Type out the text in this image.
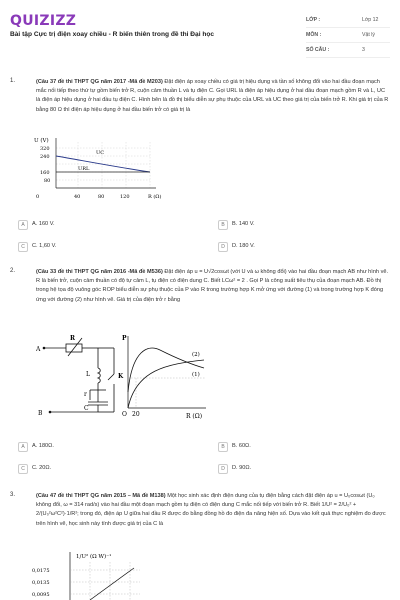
QUIZIZZ
Bài tập Cực trị điện xoay chiều - R biến thiên trong đề thi Đại học
LỚP :	Lớp 12
MÔN :	Vật lý
SỐ CÂU :	3
1.	(Câu 37 đề thi THPT QG năm 2017 -Mã đề M203) Đặt điện áp xoay chiều có giá trị hiệu dụng và tần số không đổi vào hai đầu đoạn mạch mắc nối tiếp theo thứ tự gồm biến trở R, cuộn cảm thuần L và tụ điện C. Gọi URL là điện áp hiệu dụng ở hai đầu đoạn mạch gồm R và L, UC là điện áp hiệu dụng ở hai đầu tụ điện C. Hình bên là đồ thị biểu diễn sự phụ thuộc của URL và UC theo giá trị của biến trở R. Khi giá trị của R bằng 80 Ω thì điện áp hiệu dụng ở hai đầu biến trở có giá trị là
U (V)
320
240
160
80
0	40	80	120	R (Ω)
UC
URL
A	A. 160 V.	B	B. 140 V.
C	C. 1,60 V.	D	D. 180 V.
2.	(Câu 33 đề thi THPT QG năm 2016 -Mã đề M536) Đặt điện áp u = U√2cosωt (với U và ω không đổi) vào hai đầu đoạn mạch AB như hình vẽ. R là biến trở, cuộn cảm thuần có độ tự cảm L, tụ điện có điện dung C. Biết LCω² = 2 . Gọi P là công suất tiêu thụ của đoạn mạch AB. Đồ thị trong hệ tọa độ vuông góc ROP biểu diễn sự phụ thuộc của P vào R trong trường hợp K mở ứng với đường (1) và trong trường hợp K đóng ứng với đường (2) như hình vẽ. Giá trị của điện trở r bằng
R
A
L	K
r
B
C
P
(1)
(2)
O 20	R (Ω)
A	A. 180Ω.	B	B. 60Ω.
C	C. 20Ω.	D	D. 90Ω.
3.	(Câu 47 đề thi THPT QG năm 2015 – Mã đề M138) Một học sinh xác định điện dung của tụ điện bằng cách đặt điện áp u = U₀cosωt (U₀ không đổi, ω = 314 rad/s) vào hai đầu một đoạn mạch gồm tụ điện có điện dung C mắc nối tiếp với biến trở R. Biết 1/U² = 2/U₀² + 2/(U₀²ω²C²)·1/R²; trong đó, điện áp U giữa hai đầu R được đo bằng đồng hồ đo điện đa năng hiện số. Dựa vào kết quả thực nghiệm đo được trên hình vẽ, học sinh này tính được giá trị của C là
1/U² (Ω W)⁻¹
0,0175
0,0135
0,0095
